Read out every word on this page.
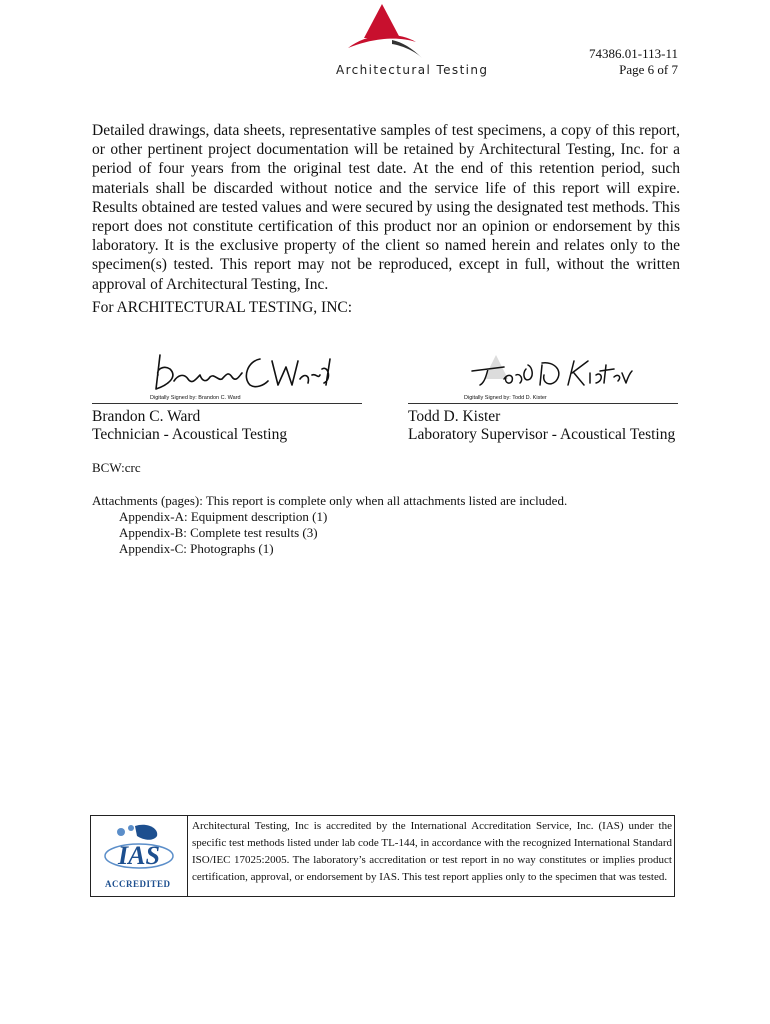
Architectural Testing
74386.01-113-11
Page 6 of 7
Detailed drawings, data sheets, representative samples of test specimens, a copy of this report, or other pertinent project documentation will be retained by Architectural Testing, Inc. for a period of four years from the original test date. At the end of this retention period, such materials shall be discarded without notice and the service life of this report will expire. Results obtained are tested values and were secured by using the designated test methods. This report does not constitute certification of this product nor an opinion or endorsement by this laboratory. It is the exclusive property of the client so named herein and relates only to the specimen(s) tested. This report may not be reproduced, except in full, without the written approval of Architectural Testing, Inc.
For ARCHITECTURAL TESTING, INC:
Digitally Signed by: Brandon C. Ward
Brandon C. Ward
Technician - Acoustical Testing
Digitally Signed by: Todd D. Kister
Todd D. Kister
Laboratory Supervisor - Acoustical Testing
BCW:crc
Attachments (pages): This report is complete only when all attachments listed are included.
Appendix-A: Equipment description (1)
Appendix-B: Complete test results (3)
Appendix-C: Photographs (1)
IAS
ACCREDITED
Architectural Testing, Inc is accredited by the International Accreditation Service, Inc. (IAS) under the specific test methods listed under lab code TL-144, in accordance with the recognized International Standard ISO/IEC 17025:2005. The laboratory’s accreditation or test report in no way constitutes or implies product certification, approval, or endorsement by IAS. This test report applies only to the specimen that was tested.
